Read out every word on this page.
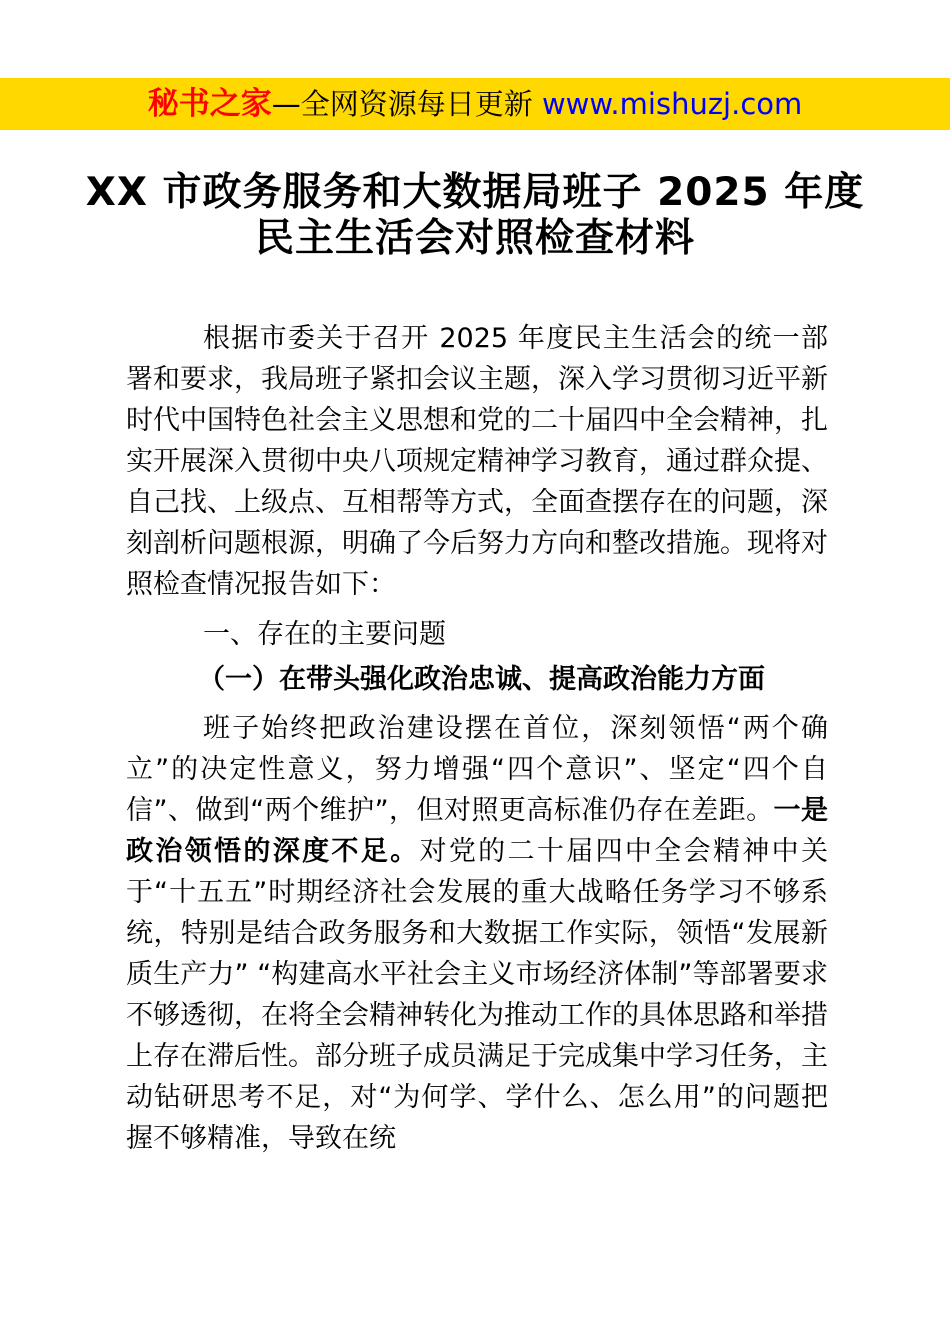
秘书之家 —全网资源每日更新 www.mishuzj.com
XX 市政务服务和大数据局班子 2025 年度
民主生活会对照检查材料

根据市委关于召开 2025 年度民主生活会的统一部署和要求，我局班子紧扣会议主题，深入学习贯彻习近平新时代中国特色社会主义思想和党的二十届四中全会精神，扎实开展深入贯彻中央八项规定精神学习教育，通过群众提、自己找、上级点、互相帮等方式，全面查摆存在的问题，深刻剖析问题根源，明确了今后努力方向和整改措施。现将对照检查情况报告如下：

一、存在的主要问题

（一）在带头强化政治忠诚、提高政治能力方面

班子始终把政治建设摆在首位，深刻领悟“两个确立”的决定性意义，努力增强“四个意识”、坚定“四个自信”、做到“两个维护”，但对照更高标准仍存在差距。一是政治领悟的深度不足。对党的二十届四中全会精神中关于“十五五”时期经济社会发展的重大战略任务学习不够系统，特别是结合政务服务和大数据工作实际，领悟“发展新质生产力” “构建高水平社会主义市场经济体制”等部署要求不够透彻，在将全会精神转化为推动工作的具体思路和举措上存在滞后性。部分班子成员满足于完成集中学习任务，主动钻研思考不足，对“为何学、学什么、怎么用”的问题把握不够精准，导致在统
